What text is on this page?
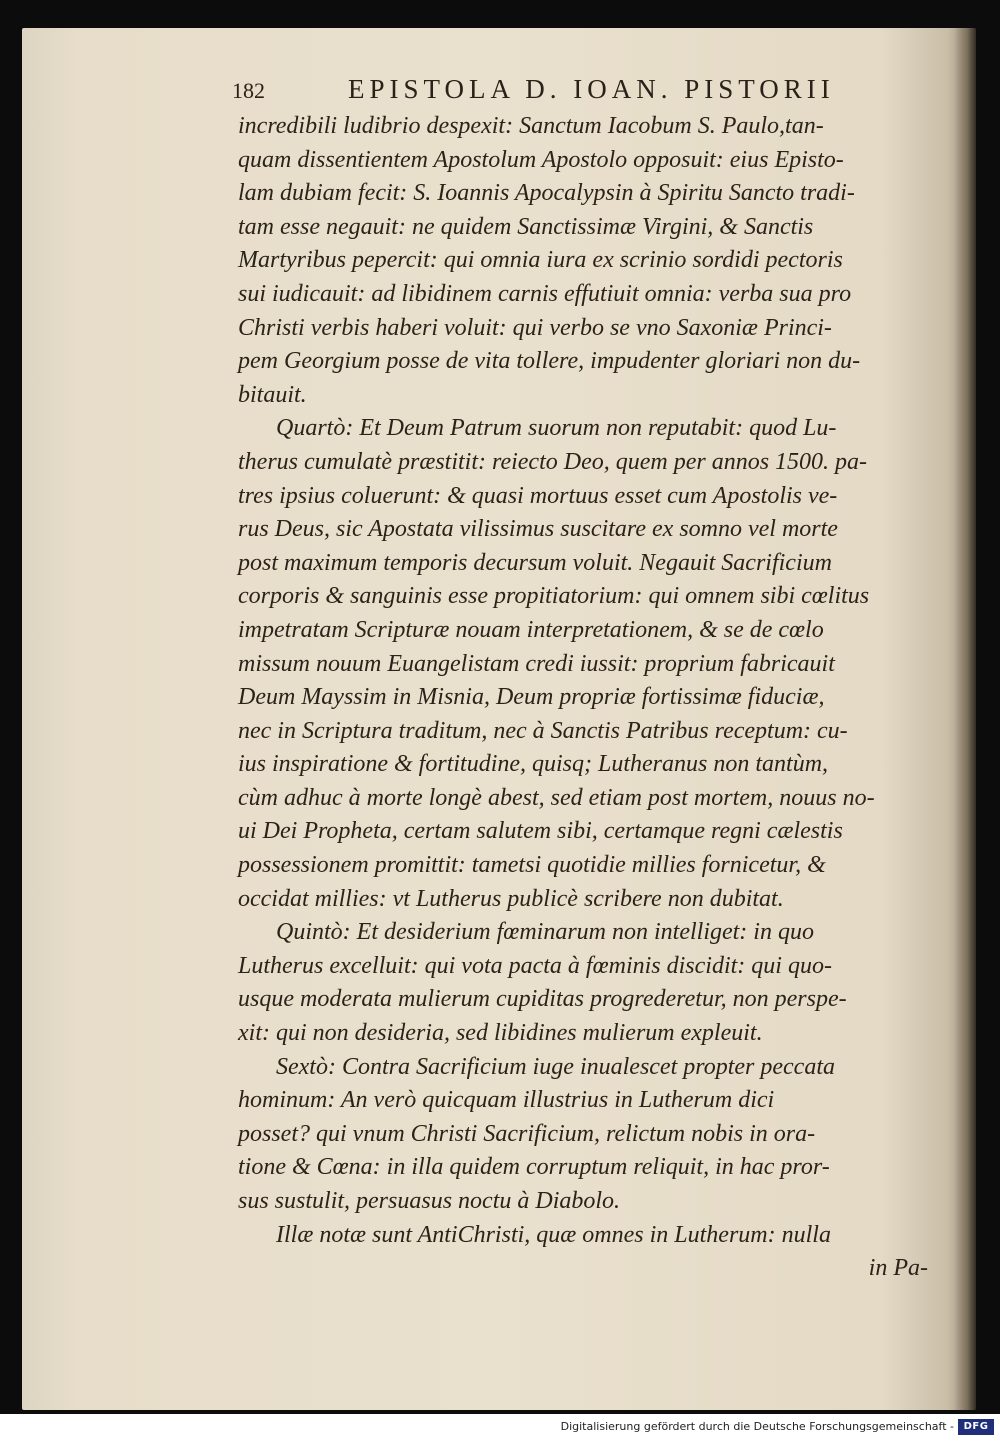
182	EPISTOLA D. IOAN. PISTORII
incredibili ludibrio despexit: Sanctum Iacobum S. Paulo,tan-
quam dissentientem Apostolum Apostolo opposuit: eius Episto-
lam dubiam fecit: S. Ioannis Apocalypsin à Spiritu Sancto tradi-
tam esse negauit: ne quidem Sanctissimæ Virgini, & Sanctis
Martyribus pepercit: qui omnia iura ex scrinio sordidi pectoris
sui iudicauit: ad libidinem carnis effutiuit omnia: verba sua pro
Christi verbis haberi voluit: qui verbo se vno Saxoniæ Princi-
pem Georgium posse de vita tollere, impudenter gloriari non du-
bitauit.
Quartò: Et Deum Patrum suorum non reputabit: quod Lu-
therus cumulatè præstitit: reiecto Deo, quem per annos 1500. pa-
tres ipsius coluerunt: & quasi mortuus esset cum Apostolis ve-
rus Deus, sic Apostata vilissimus suscitare ex somno vel morte
post maximum temporis decursum voluit. Negauit Sacrificium
corporis & sanguinis esse propitiatorium: qui omnem sibi cœlitus
impetratam Scripturæ nouam interpretationem, & se de cœlo
missum nouum Euangelistam credi iussit: proprium fabricauit
Deum Mayssim in Misnia, Deum propriæ fortissimæ fiduciæ,
nec in Scriptura traditum, nec à Sanctis Patribus receptum: cu-
ius inspiratione & fortitudine, quisq; Lutheranus non tantùm,
cùm adhuc à morte longè abest, sed etiam post mortem, nouus no-
ui Dei Propheta, certam salutem sibi, certamque regni cælestis
possessionem promittit: tametsi quotidie millies fornicetur, &
occidat millies: vt Lutherus publicè scribere non dubitat.
Quintò: Et desiderium fœminarum non intelliget: in quo
Lutherus excelluit: qui vota pacta à fœminis discidit: qui quo-
usque moderata mulierum cupiditas progrederetur, non perspe-
xit: qui non desideria, sed libidines mulierum expleuit.
Sextò: Contra Sacrificium iuge inualescet propter peccata
hominum: An verò quicquam illustrius in Lutherum dici
posset? qui vnum Christi Sacrificium, relictum nobis in ora-
tione & Cœna: in illa quidem corruptum reliquit, in hac pror-
sus sustulit, persuasus noctu à Diabolo.
Illæ notæ sunt AntiChristi, quæ omnes in Lutherum: nulla
in Pa-
Digitalisierung gefördert durch die Deutsche Forschungsgemeinschaft - DFG
